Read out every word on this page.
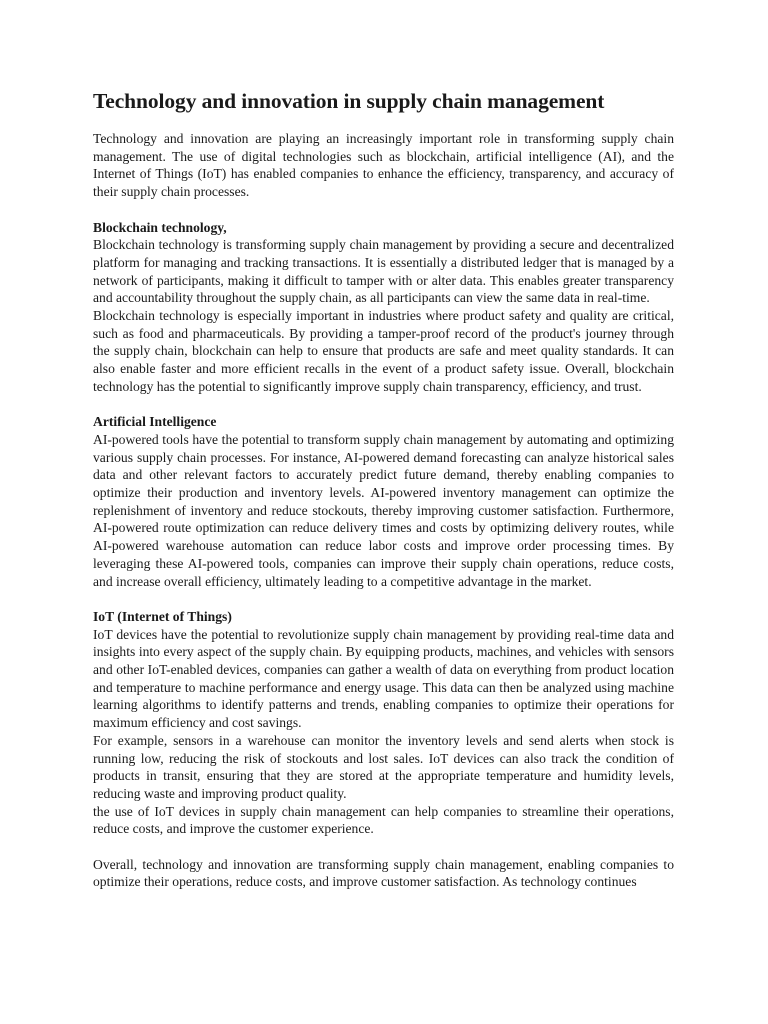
Technology and innovation in supply chain management

Technology and innovation are playing an increasingly important role in transforming supply chain management. The use of digital technologies such as blockchain, artificial intelligence (AI), and the Internet of Things (IoT) has enabled companies to enhance the efficiency, transparency, and accuracy of their supply chain processes.

Blockchain technology,

Blockchain technology is transforming supply chain management by providing a secure and decentralized platform for managing and tracking transactions. It is essentially a distributed ledger that is managed by a network of participants, making it difficult to tamper with or alter data. This enables greater transparency and accountability throughout the supply chain, as all participants can view the same data in real-time.

Blockchain technology is especially important in industries where product safety and quality are critical, such as food and pharmaceuticals. By providing a tamper-proof record of the product's journey through the supply chain, blockchain can help to ensure that products are safe and meet quality standards. It can also enable faster and more efficient recalls in the event of a product safety issue. Overall, blockchain technology has the potential to significantly improve supply chain transparency, efficiency, and trust.

Artificial Intelligence

AI-powered tools have the potential to transform supply chain management by automating and optimizing various supply chain processes. For instance, AI-powered demand forecasting can analyze historical sales data and other relevant factors to accurately predict future demand, thereby enabling companies to optimize their production and inventory levels. AI-powered inventory management can optimize the replenishment of inventory and reduce stockouts, thereby improving customer satisfaction. Furthermore, AI-powered route optimization can reduce delivery times and costs by optimizing delivery routes, while AI-powered warehouse automation can reduce labor costs and improve order processing times. By leveraging these AI-powered tools, companies can improve their supply chain operations, reduce costs, and increase overall efficiency, ultimately leading to a competitive advantage in the market.

IoT (Internet of Things)

IoT devices have the potential to revolutionize supply chain management by providing real-time data and insights into every aspect of the supply chain. By equipping products, machines, and vehicles with sensors and other IoT-enabled devices, companies can gather a wealth of data on everything from product location and temperature to machine performance and energy usage. This data can then be analyzed using machine learning algorithms to identify patterns and trends, enabling companies to optimize their operations for maximum efficiency and cost savings.

For example, sensors in a warehouse can monitor the inventory levels and send alerts when stock is running low, reducing the risk of stockouts and lost sales. IoT devices can also track the condition of products in transit, ensuring that they are stored at the appropriate temperature and humidity levels, reducing waste and improving product quality.

the use of IoT devices in supply chain management can help companies to streamline their operations, reduce costs, and improve the customer experience.

Overall, technology and innovation are transforming supply chain management, enabling companies to optimize their operations, reduce costs, and improve customer satisfaction. As technology continues
